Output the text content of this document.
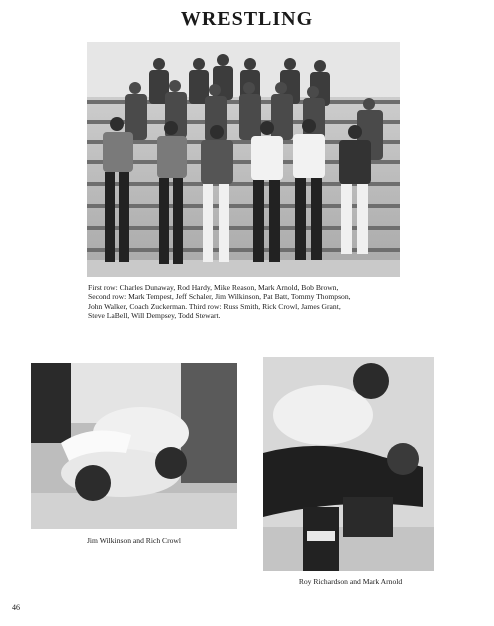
WRESTLING
First row: Charles Dunaway, Rod Hardy, Mike Reason, Mark Arnold, Bob Brown,
Second row: Mark Tempest, Jeff Schaler, Jim Wilkinson, Pat Batt, Tommy Thompson,
John Walker, Coach Zuckerman. Third row: Russ Smith, Rick Crowl, James Grant,
Steve LaBell, Will Dempsey, Todd Stewart.
Jim Wilkinson and Rich Crowl
Roy Richardson and Mark Arnold
46
